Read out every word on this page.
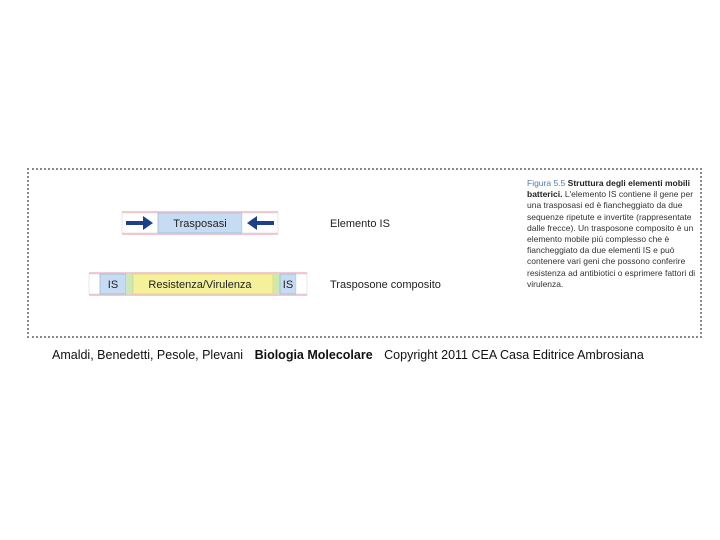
Trasposasi	Elemento IS
IS	Resistenza/Virulenza	IS	Trasposone composito
Figura 5.5 Struttura degli elementi mobili batterici. L'elemento IS contiene il gene per una trasposasi ed è fiancheggiato da due sequenze ripetute e invertite (rappresentate dalle frecce). Un trasposone composito è un elemento mobile più complesso che è fiancheggiato da due elementi IS e può contenere vari geni che possono conferire resistenza ad antibiotici o esprimere fattori di virulenza.
Amaldi, Benedetti, Pesole, Plevani Biologia Molecolare Copyright 2011 CEA Casa Editrice Ambrosiana
